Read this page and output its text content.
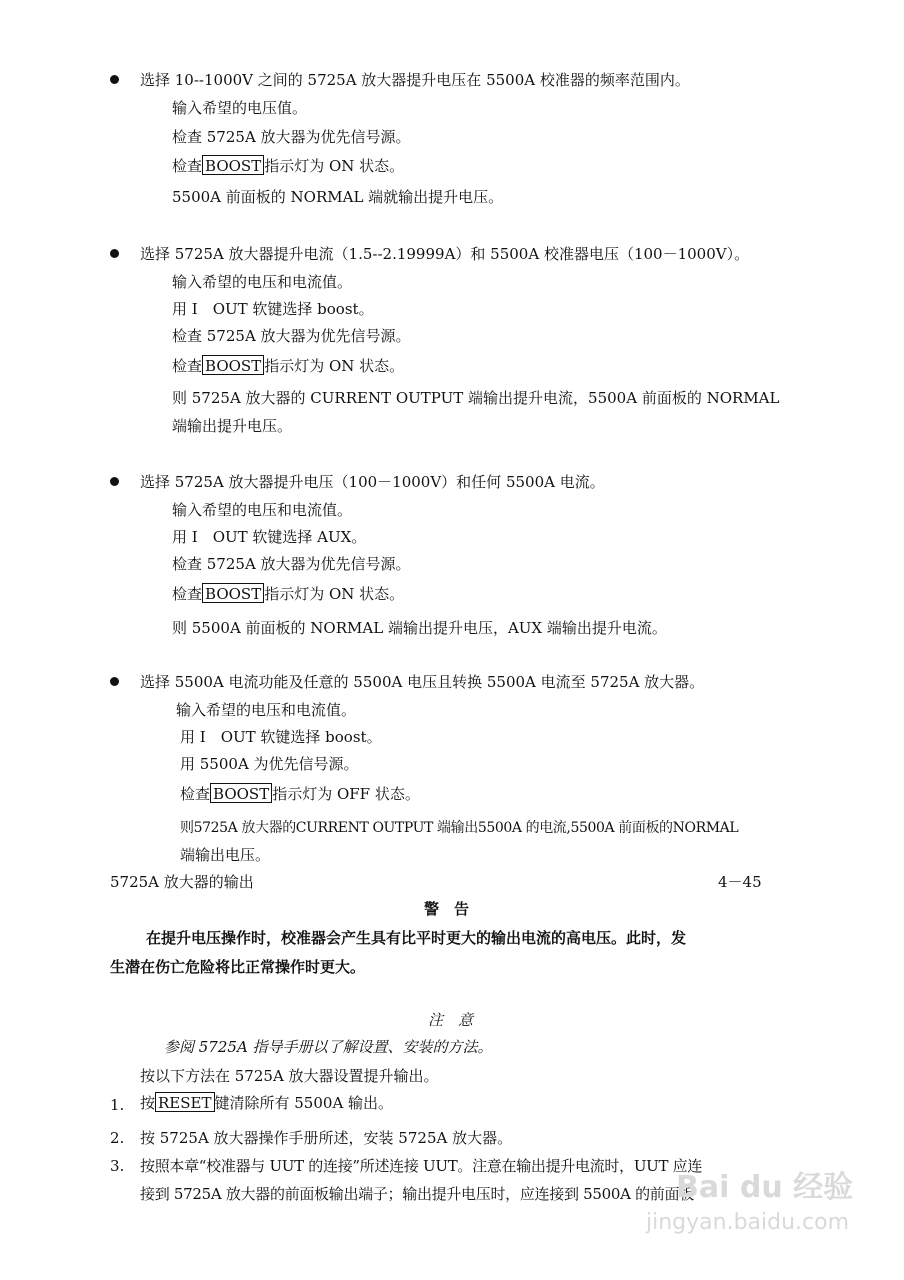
选择 10--1000V 之间的 5725A 放大器提升电压在 5500A 校准器的频率范围内。
输入希望的电压值。
检查 5725A 放大器为优先信号源。
检查 BOOST 指示灯为 ON 状态。
5500A 前面板的 NORMAL 端就输出提升电压。
选择 5725A 放大器提升电流（1.5--2.19999A）和 5500A 校准器电压（100－1000V）。
输入希望的电压和电流值。
用 I　OUT 软键选择 boost。
检查 5725A 放大器为优先信号源。
检查 BOOST 指示灯为 ON 状态。
则 5725A 放大器的 CURRENT OUTPUT 端输出提升电流，5500A 前面板的 NORMAL
端输出提升电压。
选择 5725A 放大器提升电压（100－1000V）和任何 5500A 电流。
输入希望的电压和电流值。
用 I　OUT 软键选择 AUX。
检查 5725A 放大器为优先信号源。
检查 BOOST 指示灯为 ON 状态。
则 5500A 前面板的 NORMAL 端输出提升电压，AUX 端输出提升电流。
选择 5500A 电流功能及任意的 5500A 电压且转换 5500A 电流至 5725A 放大器。
输入希望的电压和电流值。
用 I　OUT 软键选择 boost。
用 5500A 为优先信号源。
检查 BOOST 指示灯为 OFF 状态。
则5725A 放大器的CURRENT OUTPUT 端输出5500A 的电流,5500A 前面板的NORMAL
端输出电压。
5725A 放大器的输出	4－45
警　告
在提升电压操作时，校准器会产生具有比平时更大的输出电流的高电压。此时，发
生潜在伤亡危险将比正常操作时更大。
注　意
参阅 5725A 指导手册以了解设置、安装的方法。
按以下方法在 5725A 放大器设置提升输出。
1. 按 RESET 键清除所有 5500A 输出。
2. 按 5725A 放大器操作手册所述，安装 5725A 放大器。
3. 按照本章“校准器与 UUT 的连接”所述连接 UUT。注意在输出提升电流时，UUT 应连
接到 5725A 放大器的前面板输出端子；输出提升电压时，应连接到 5500A 的前面板
Bai du 经验
jingyan.baidu.com
